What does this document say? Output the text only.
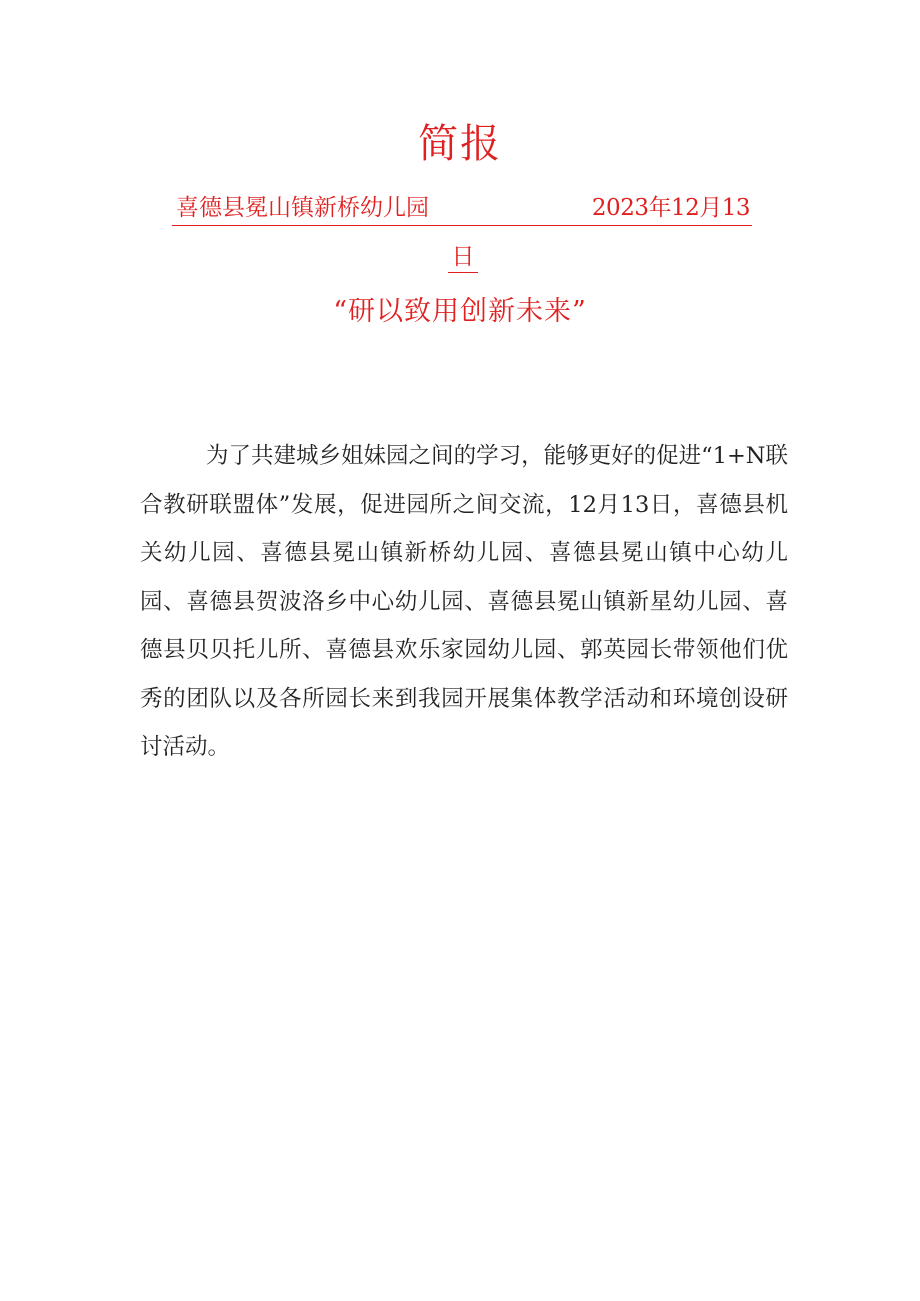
简报
喜德县冕山镇新桥幼儿园	2023年12月13
日
“研以致用创新未来”
为了共建城乡姐妹园之间的学习，能够更好的促进“1+N联合教研联盟体”发展，促进园所之间交流，12月13日，喜德县机关幼儿园、喜德县冕山镇新桥幼儿园、喜德县冕山镇中心幼儿园、喜德县贺波洛乡中心幼儿园、喜德县冕山镇新星幼儿园、喜德县贝贝托儿所、喜德县欢乐家园幼儿园、郭英园长带领他们优秀的团队以及各所园长来到我园开展集体教学活动和环境创设研讨活动。
